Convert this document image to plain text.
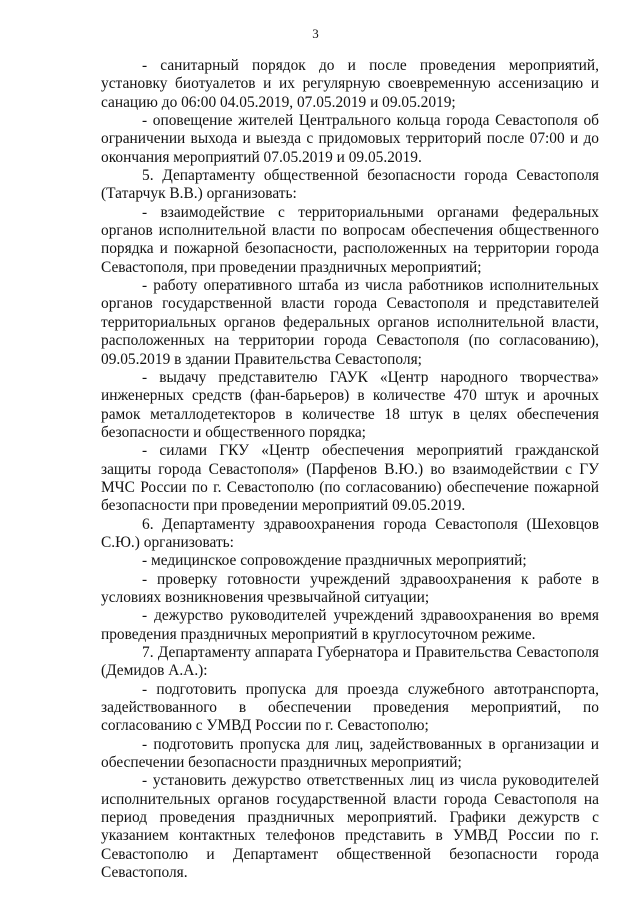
3

- санитарный порядок до и после проведения мероприятий, установку биотуалетов и их регулярную своевременную ассенизацию и санацию до 06:00 04.05.2019, 07.05.2019 и 09.05.2019;

- оповещение жителей Центрального кольца города Севастополя об ограничении выхода и выезда с придомовых территорий после 07:00 и до окончания мероприятий 07.05.2019 и 09.05.2019.

5. Департаменту общественной безопасности города Севастополя (Татарчук В.В.) организовать:

- взаимодействие с территориальными органами федеральных органов исполнительной власти по вопросам обеспечения общественного порядка и пожарной безопасности, расположенных на территории города Севастополя, при проведении праздничных мероприятий;

- работу оперативного штаба из числа работников исполнительных органов государственной власти города Севастополя и представителей территориальных органов федеральных органов исполнительной власти, расположенных на территории города Севастополя (по согласованию), 09.05.2019 в здании Правительства Севастополя;

- выдачу представителю ГАУК «Центр народного творчества» инженерных средств (фан-барьеров) в количестве 470 штук и арочных рамок металлодетекторов в количестве 18 штук в целях обеспечения безопасности и общественного порядка;

- силами ГКУ «Центр обеспечения мероприятий гражданской защиты города Севастополя» (Парфенов В.Ю.) во взаимодействии с ГУ МЧС России по г. Севастополю (по согласованию) обеспечение пожарной безопасности при проведении мероприятий 09.05.2019.

6. Департаменту здравоохранения города Севастополя (Шеховцов С.Ю.) организовать:

- медицинское сопровождение праздничных мероприятий;

- проверку готовности учреждений здравоохранения к работе в условиях возникновения чрезвычайной ситуации;

- дежурство руководителей учреждений здравоохранения во время проведения праздничных мероприятий в круглосуточном режиме.

7. Департаменту аппарата Губернатора и Правительства Севастополя (Демидов А.А.):

- подготовить пропуска для проезда служебного автотранспорта, задействованного в обеспечении проведения мероприятий, по согласованию с УМВД России по г. Севастополю;

- подготовить пропуска для лиц, задействованных в организации и обеспечении безопасности праздничных мероприятий;

- установить дежурство ответственных лиц из числа руководителей исполнительных органов государственной власти города Севастополя на период проведения праздничных мероприятий. Графики дежурств с указанием контактных телефонов представить в УМВД России по г. Севастополю и Департамент общественной безопасности города Севастополя.
